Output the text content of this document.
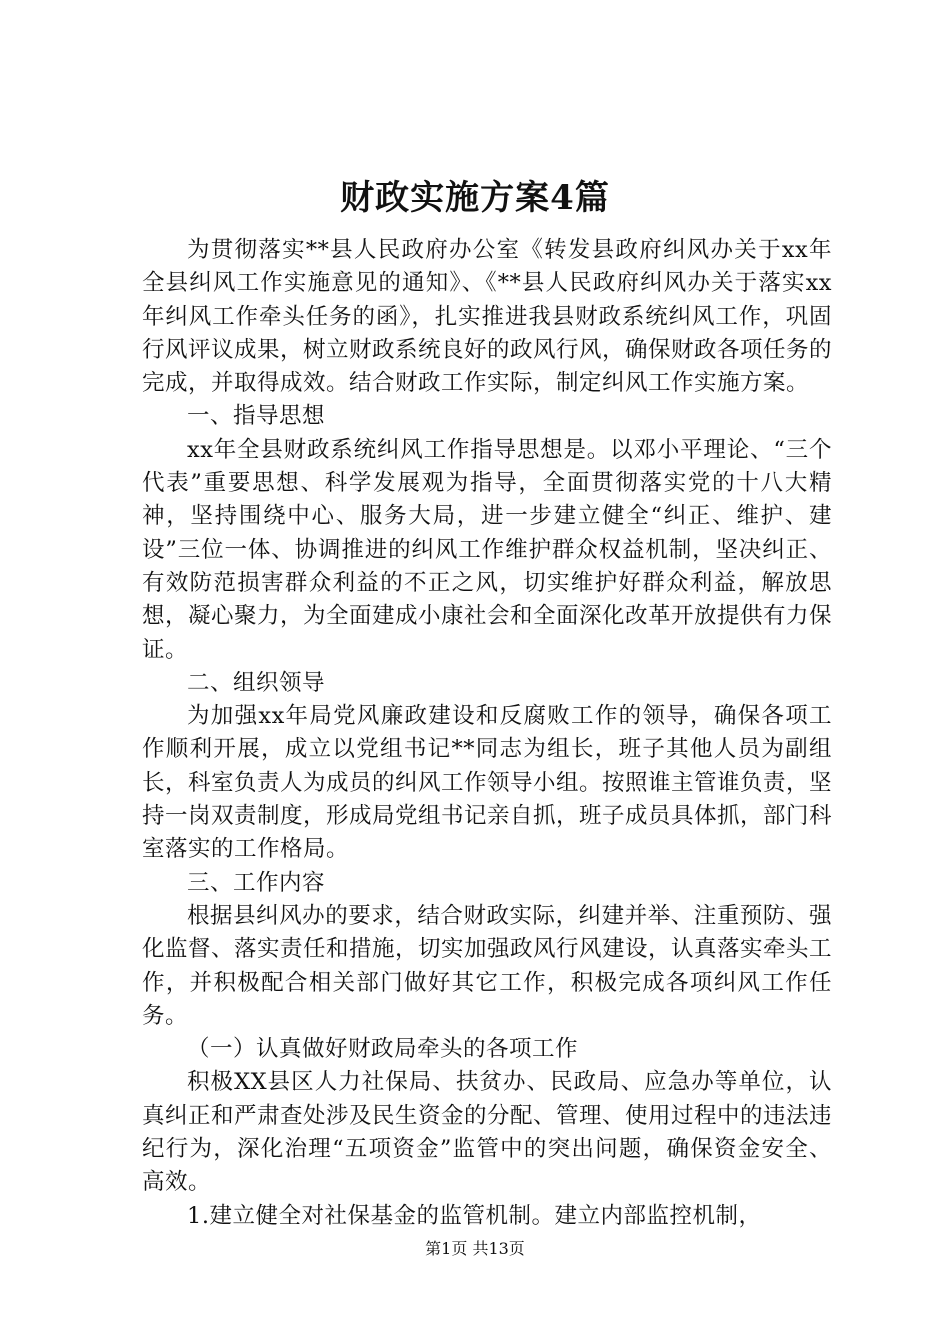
财政实施方案4篇

为贯彻落实**县人民政府办公室《转发县政府纠风办关于xx年全县纠风工作实施意见的通知》、《**县人民政府纠风办关于落实xx年纠风工作牵头任务的函》，扎实推进我县财政系统纠风工作，巩固行风评议成果，树立财政系统良好的政风行风，确保财政各项任务的完成，并取得成效。结合财政工作实际，制定纠风工作实施方案。

一、指导思想

xx年全县财政系统纠风工作指导思想是。以邓小平理论、“三个代表”重要思想、科学发展观为指导，全面贯彻落实党的十八大精神，坚持围绕中心、服务大局，进一步建立健全“纠正、维护、建设”三位一体、协调推进的纠风工作维护群众权益机制，坚决纠正、有效防范损害群众利益的不正之风，切实维护好群众利益，解放思想，凝心聚力，为全面建成小康社会和全面深化改革开放提供有力保证。

二、组织领导

为加强xx年局党风廉政建设和反腐败工作的领导，确保各项工作顺利开展，成立以党组书记**同志为组长，班子其他人员为副组长，科室负责人为成员的纠风工作领导小组。按照谁主管谁负责，坚持一岗双责制度，形成局党组书记亲自抓，班子成员具体抓，部门科室落实的工作格局。

三、工作内容

根据县纠风办的要求，结合财政实际，纠建并举、注重预防、强化监督、落实责任和措施，切实加强政风行风建设，认真落实牵头工作，并积极配合相关部门做好其它工作，积极完成各项纠风工作任务。

（一）认真做好财政局牵头的各项工作

积极XX县区人力社保局、扶贫办、民政局、应急办等单位，认真纠正和严肃查处涉及民生资金的分配、管理、使用过程中的违法违纪行为，深化治理“五项资金”监管中的突出问题，确保资金安全、高效。

1.建立健全对社保基金的监管机制。建立内部监控机制，

第1页 共13页
